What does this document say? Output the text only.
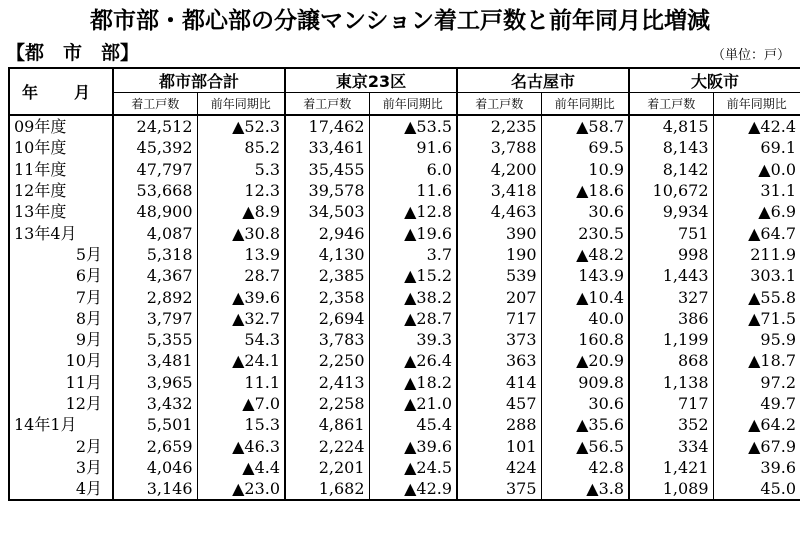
都市部・都心部の分譲マンション着工戸数と前年同月比増減
【都　市　部】	（単位：戸）
年　月	都市部合計		東京23区		名古屋市		大阪市	
	着工戸数	前年同期比	着工戸数	前年同期比	着工戸数	前年同期比	着工戸数	前年同期比
09年度	24,512	▲52.3	17,462	▲53.5	2,235	▲58.7	4,815	▲42.4
10年度	45,392	85.2	33,461	91.6	3,788	69.5	8,143	69.1
11年度	47,797	5.3	35,455	6.0	4,200	10.9	8,142	▲0.0
12年度	53,668	12.3	39,578	11.6	3,418	▲18.6	10,672	31.1
13年度	48,900	▲8.9	34,503	▲12.8	4,463	30.6	9,934	▲6.9
13年4月	4,087	▲30.8	2,946	▲19.6	390	230.5	751	▲64.7
5月	5,318	13.9	4,130	3.7	190	▲48.2	998	211.9
6月	4,367	28.7	2,385	▲15.2	539	143.9	1,443	303.1
7月	2,892	▲39.6	2,358	▲38.2	207	▲10.4	327	▲55.8
8月	3,797	▲32.7	2,694	▲28.7	717	40.0	386	▲71.5
9月	5,355	54.3	3,783	39.3	373	160.8	1,199	95.9
10月	3,481	▲24.1	2,250	▲26.4	363	▲20.9	868	▲18.7
11月	3,965	11.1	2,413	▲18.2	414	909.8	1,138	97.2
12月	3,432	▲7.0	2,258	▲21.0	457	30.6	717	49.7
14年1月	5,501	15.3	4,861	45.4	288	▲35.6	352	▲64.2
2月	2,659	▲46.3	2,224	▲39.6	101	▲56.5	334	▲67.9
3月	4,046	▲4.4	2,201	▲24.5	424	42.8	1,421	39.6
4月	3,146	▲23.0	1,682	▲42.9	375	▲3.8	1,089	45.0
